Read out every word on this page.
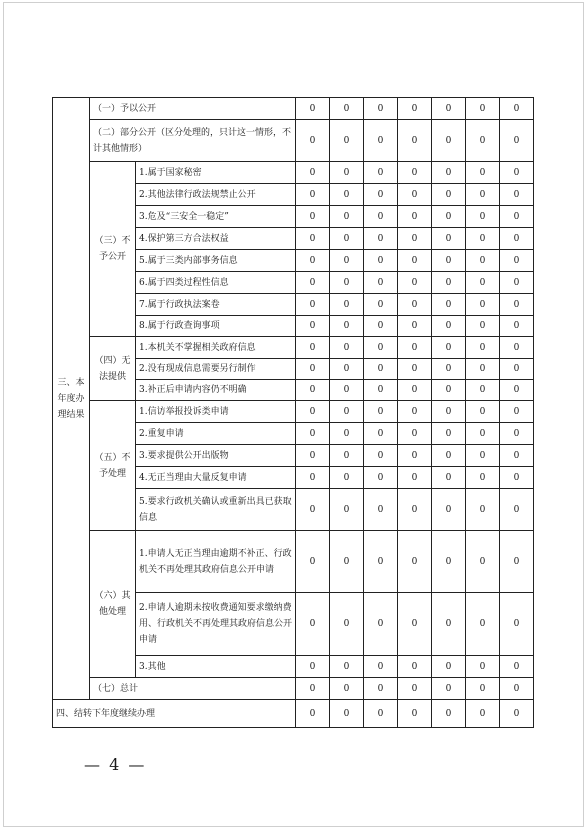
三、本年度办理结果	（一）予以公开		0	0	0	0	0	0	0
	（二）部分公开（区分处理的，只计这一情形，不计其他情形）		0	0	0	0	0	0	0
	（三）不予公开	1.属于国家秘密	0	0	0	0	0	0	0
		2.其他法律行政法规禁止公开	0	0	0	0	0	0	0
		3.危及“三安全一稳定”	0	0	0	0	0	0	0
		4.保护第三方合法权益	0	0	0	0	0	0	0
		5.属于三类内部事务信息	0	0	0	0	0	0	0
		6.属于四类过程性信息	0	0	0	0	0	0	0
		7.属于行政执法案卷	0	0	0	0	0	0	0
		8.属于行政查询事项	0	0	0	0	0	0	0
	（四）无法提供	1.本机关不掌握相关政府信息	0	0	0	0	0	0	0
		2.没有现成信息需要另行制作	0	0	0	0	0	0	0
		3.补正后申请内容仍不明确	0	0	0	0	0	0	0
	（五）不予处理	1.信访举报投诉类申请	0	0	0	0	0	0	0
		2.重复申请	0	0	0	0	0	0	0
		3.要求提供公开出版物	0	0	0	0	0	0	0
		4.无正当理由大量反复申请	0	0	0	0	0	0	0
		5.要求行政机关确认或重新出具已获取信息	0	0	0	0	0	0	0
	（六）其他处理	1.申请人无正当理由逾期不补正、行政机关不再处理其政府信息公开申请	0	0	0	0	0	0	0
		2.申请人逾期未按收费通知要求缴纳费用、行政机关不再处理其政府信息公开申请	0	0	0	0	0	0	0
		3.其他	0	0	0	0	0	0	0
	（七）总计		0	0	0	0	0	0	0
四、结转下年度继续办理			0	0	0	0	0	0	0
— 4 —
